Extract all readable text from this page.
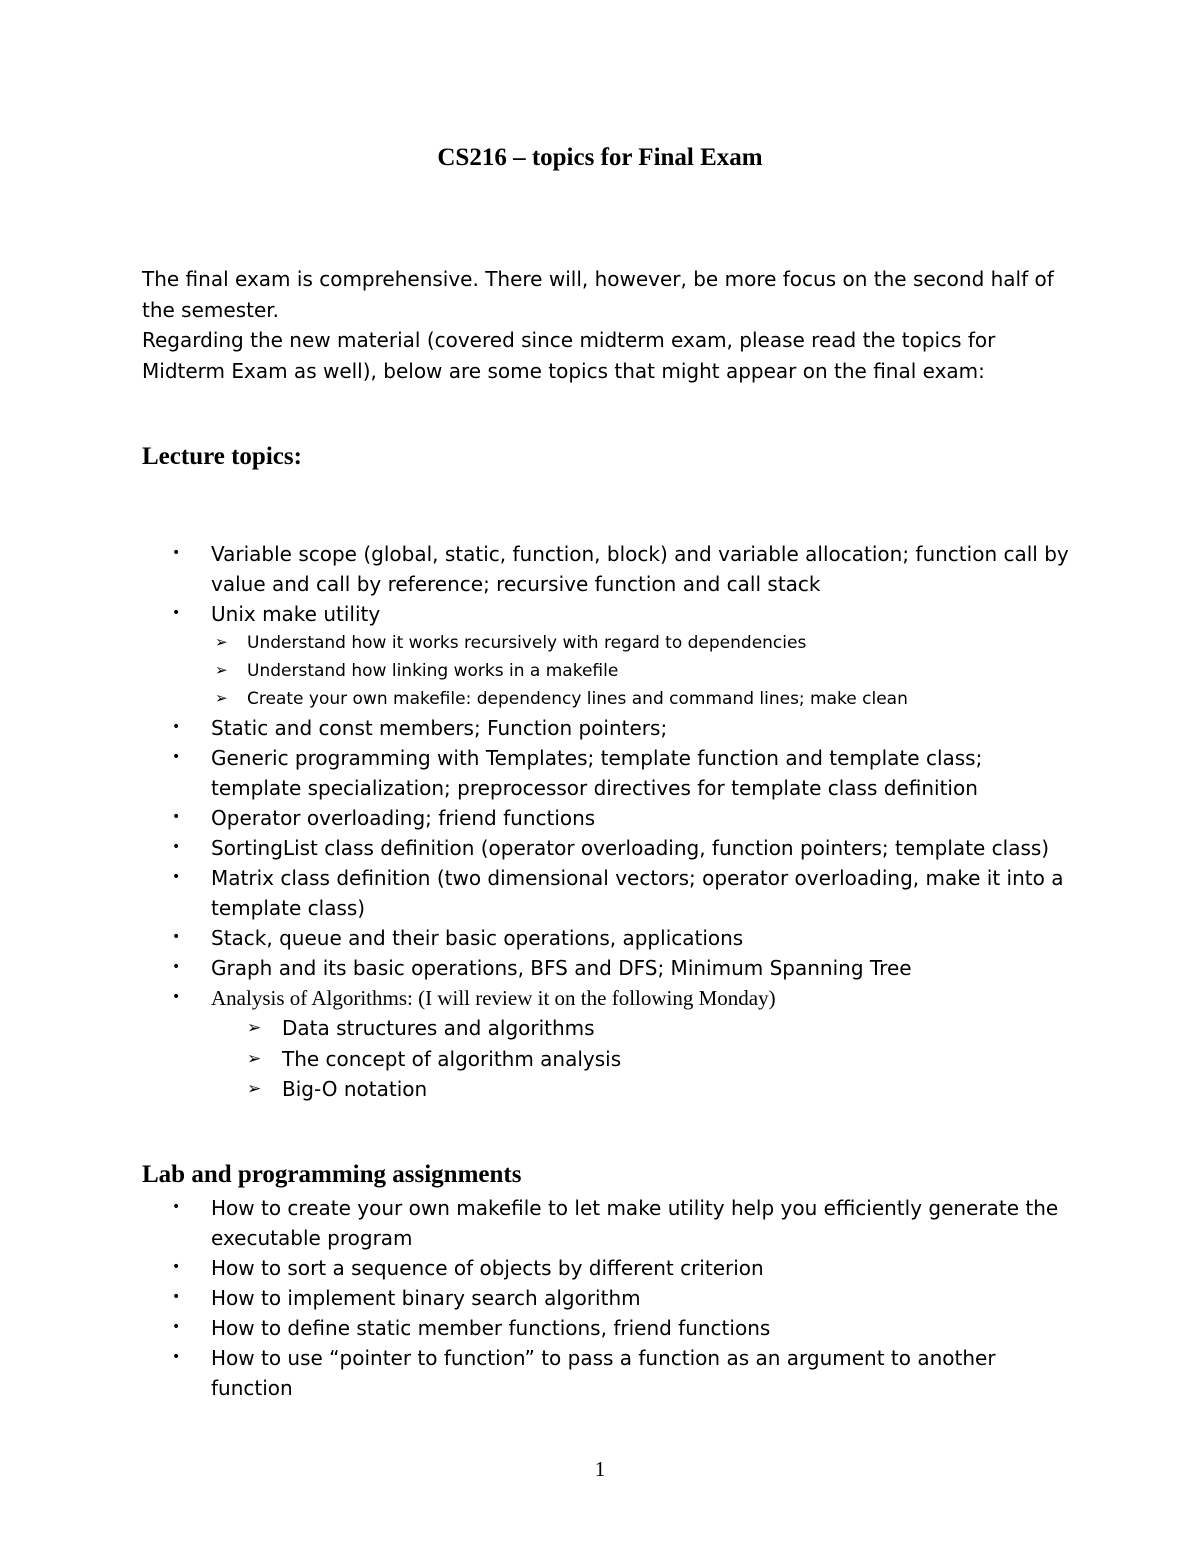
CS216 – topics for Final Exam

The final exam is comprehensive. There will, however, be more focus on the second half of the semester.

Regarding the new material (covered since midterm exam, please read the topics for Midterm Exam as well), below are some topics that might appear on the final exam:

Lecture topics:
• Variable scope (global, static, function, block) and variable allocation; function call by value and call by reference; recursive function and call stack
• Unix make utility
➢ Understand how it works recursively with regard to dependencies
➢ Understand how linking works in a makefile
➢ Create your own makefile: dependency lines and command lines; make clean
• Static and const members; Function pointers;
• Generic programming with Templates; template function and template class; template specialization; preprocessor directives for template class definition
• Operator overloading; friend functions
• SortingList class definition (operator overloading, function pointers; template class)
• Matrix class definition (two dimensional vectors; operator overloading, make it into a template class)
• Stack, queue and their basic operations, applications
• Graph and its basic operations, BFS and DFS; Minimum Spanning Tree
• Analysis of Algorithms: (I will review it on the following Monday)
➢ Data structures and algorithms
➢ The concept of algorithm analysis
➢ Big-O notation
Lab and programming assignments
• How to create your own makefile to let make utility help you efficiently generate the executable program
• How to sort a sequence of objects by different criterion
• How to implement binary search algorithm
• How to define static member functions, friend functions
• How to use “pointer to function” to pass a function as an argument to another function
1
